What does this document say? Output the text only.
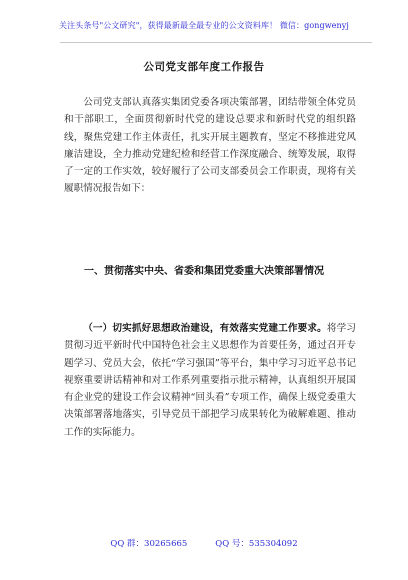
关注头条号"公文研究"，获得最新最全最专业的公文资料库！ 微信：gongwenyj
公司党支部年度工作报告

公司党支部认真落实集团党委各项决策部署，团结带领全体党员和干部职工，全面贯彻新时代党的建设总要求和新时代党的组织路线，聚焦党建工作主体责任，扎实开展主题教育，坚定不移推进党风廉洁建设，全力推动党建纪检和经营工作深度融合、统筹发展，取得了一定的工作实效，较好履行了公司支部委员会工作职责，现将有关履职情况报告如下：

一、贯彻落实中央、省委和集团党委重大决策部署情况

（一）切实抓好思想政治建设，有效落实党建工作要求。将学习贯彻习近平新时代中国特色社会主义思想作为首要任务，通过召开专题学习、党员大会，依托“学习强国”等平台，集中学习习近平总书记视察重要讲话精神和对工作系列重要指示批示精神，认真组织开展国有企业党的建设工作会议精神“回头看”专项工作，确保上级党委重大决策部署落地落实，引导党员干部把学习成果转化为破解难题、推动工作的实际能力。

QQ 群：30265665	QQ 号：535304092
